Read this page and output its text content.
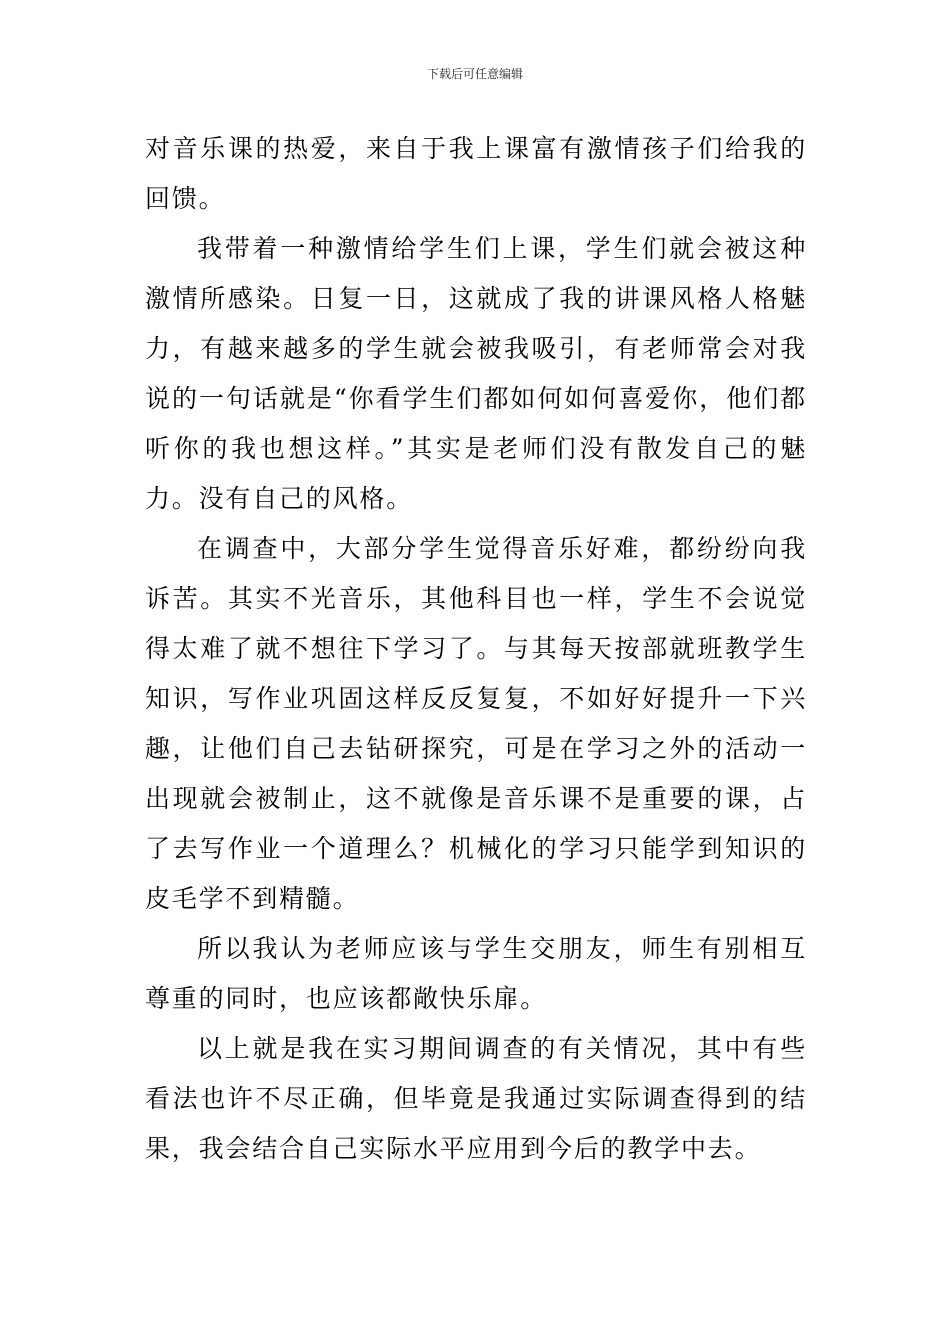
下载后可任意编辑

对音乐课的热爱，来自于我上课富有激情孩子们给我的回馈。

我带着一种激情给学生们上课，学生们就会被这种激情所感染。日复一日，这就成了我的讲课风格人格魅力，有越来越多的学生就会被我吸引，有老师常会对我说的一句话就是“你看学生们都如何如何喜爱你，他们都听你的我也想这样。”其实是老师们没有散发自己的魅力。没有自己的风格。

在调查中，大部分学生觉得音乐好难，都纷纷向我诉苦。其实不光音乐，其他科目也一样，学生不会说觉得太难了就不想往下学习了。与其每天按部就班教学生知识，写作业巩固这样反反复复，不如好好提升一下兴趣，让他们自己去钻研探究，可是在学习之外的活动一出现就会被制止，这不就像是音乐课不是重要的课，占了去写作业一个道理么？机械化的学习只能学到知识的皮毛学不到精髓。

所以我认为老师应该与学生交朋友，师生有别相互尊重的同时，也应该都敞快乐扉。

以上就是我在实习期间调查的有关情况，其中有些看法也许不尽正确，但毕竟是我通过实际调查得到的结果，我会结合自己实际水平应用到今后的教学中去。
